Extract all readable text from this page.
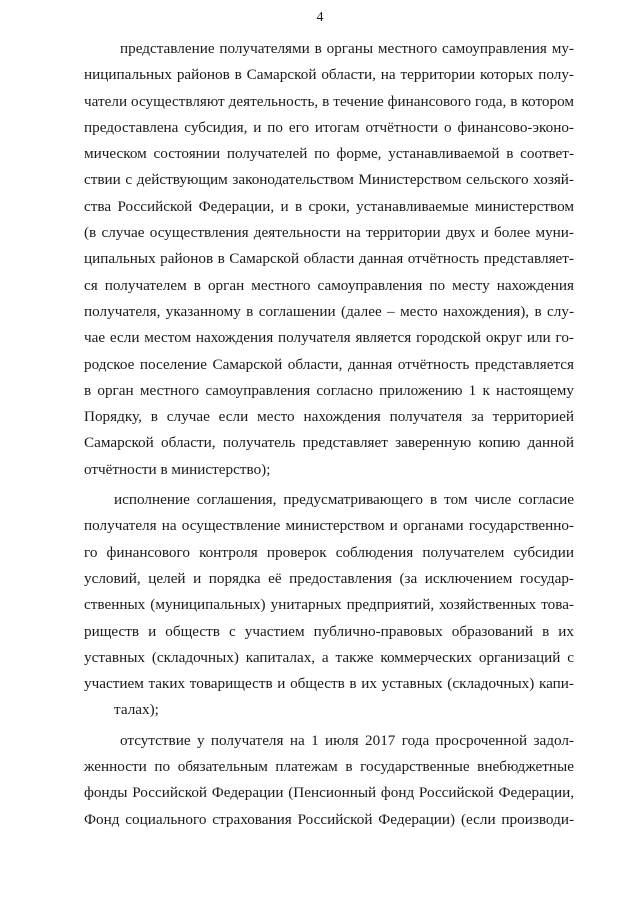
4
представление получателями в органы местного самоуправления му-
ниципальных районов в Самарской области, на территории которых полу-
чатели осуществляют деятельность, в течение финансового года, в котором
предоставлена субсидия, и по его итогам отчётности о финансово-эконо-
мическом состоянии получателей по форме, устанавливаемой в соответ-
ствии с действующим законодательством Министерством сельского хозяй-
ства Российской Федерации, и в сроки, устанавливаемые министерством
(в случае осуществления деятельности на территории двух и более муни-
ципальных районов в Самарской области данная отчётность представляет-
ся получателем в орган местного самоуправления по месту нахождения
получателя, указанному в соглашении (далее – место нахождения), в слу-
чае если местом нахождения получателя является городской округ или го-
родское поселение Самарской области, данная отчётность представляется
в орган местного самоуправления согласно приложению 1 к настоящему
Порядку, в случае если место нахождения получателя за территорией
Самарской области, получатель представляет заверенную копию данной
отчётности в министерство);
исполнение соглашения, предусматривающего в том числе согласие
получателя на осуществление министерством и органами государственно-
го финансового контроля проверок соблюдения получателем субсидии
условий, целей и порядка её предоставления (за исключением государ-
ственных (муниципальных) унитарных предприятий, хозяйственных това-
риществ и обществ с участием публично-правовых образований в их
уставных (складочных) капиталах, а также коммерческих организаций с
участием таких товариществ и обществ в их уставных (складочных) капи-
талах);
отсутствие у получателя на 1 июля 2017 года просроченной задол-
женности по обязательным платежам в государственные внебюджетные
фонды Российской Федерации (Пенсионный фонд Российской Федерации,
Фонд социального страхования Российской Федерации) (если производи-
